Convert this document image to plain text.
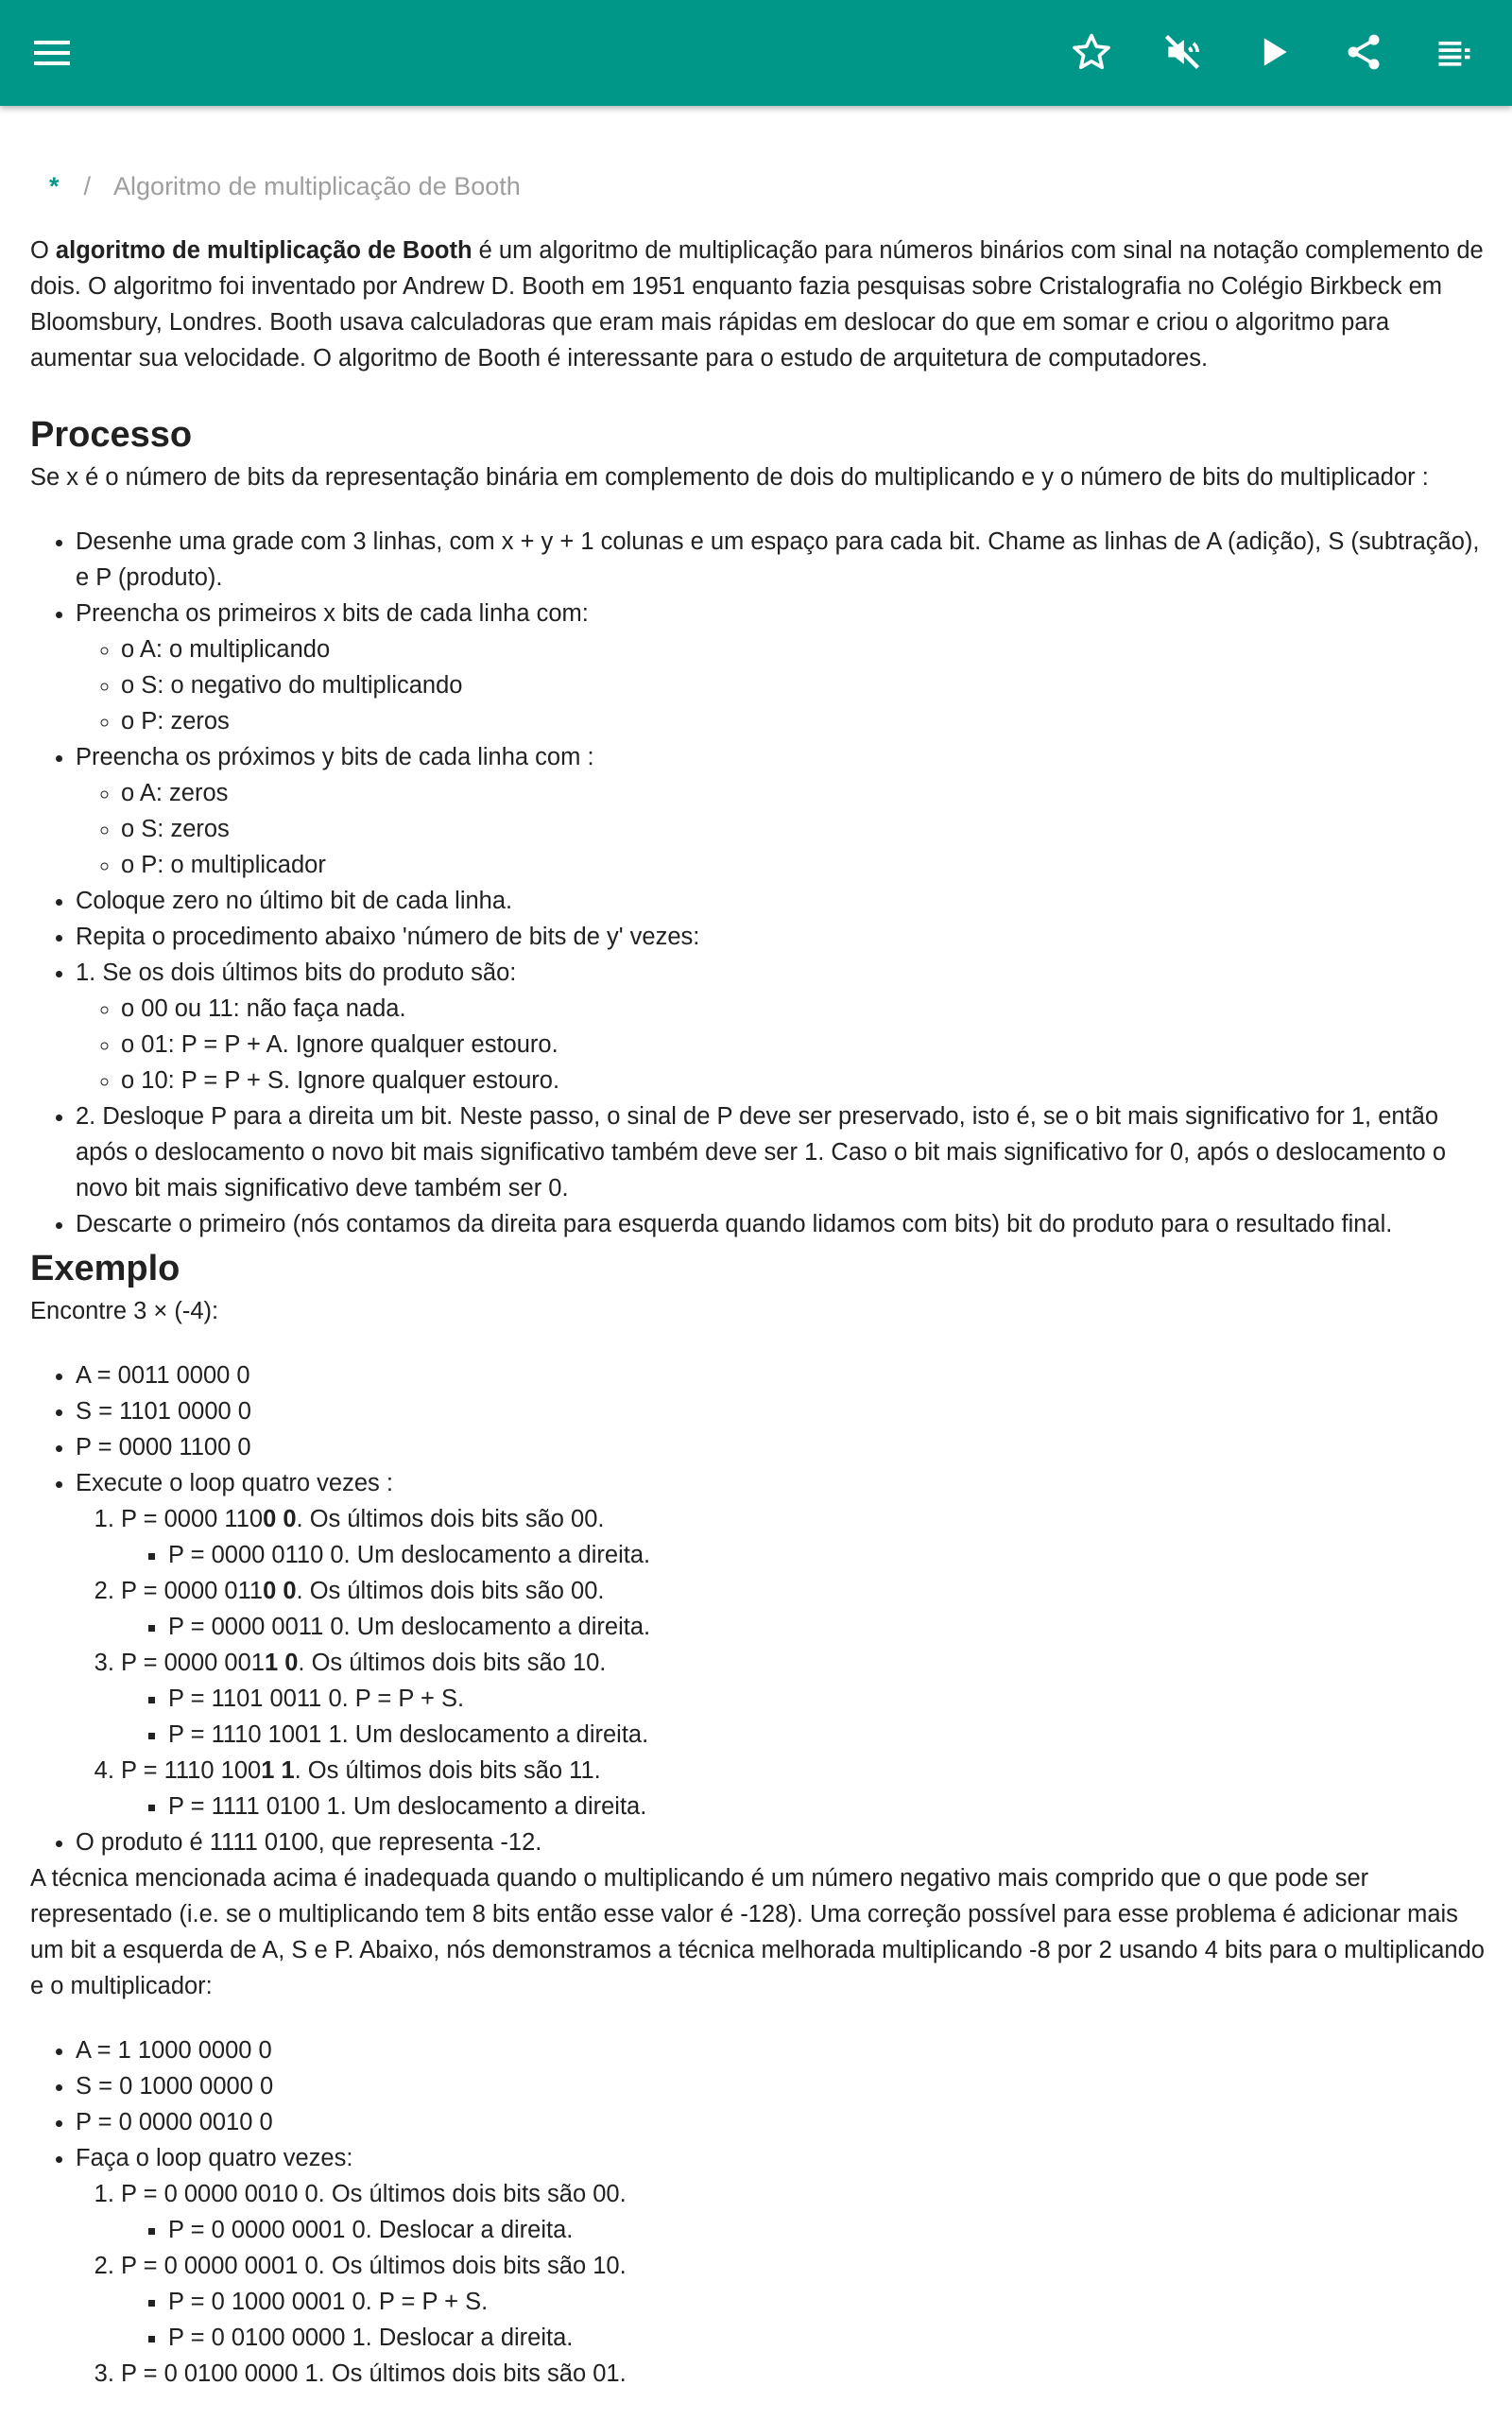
* / Algoritmo de multiplicação de Booth

O algoritmo de multiplicação de Booth é um algoritmo de multiplicação para números binários com sinal na notação complemento de dois. O algoritmo foi inventado por Andrew D. Booth em 1951 enquanto fazia pesquisas sobre Cristalografia no Colégio Birkbeck em Bloomsbury, Londres. Booth usava calculadoras que eram mais rápidas em deslocar do que em somar e criou o algoritmo para aumentar sua velocidade. O algoritmo de Booth é interessante para o estudo de arquitetura de computadores.

Processo

Se x é o número de bits da representação binária em complemento de dois do multiplicando e y o número de bits do multiplicador :

• Desenhe uma grade com 3 linhas, com x + y + 1 colunas e um espaço para cada bit. Chame as linhas de A (adição), S (subtração), e P (produto).
• Preencha os primeiros x bits de cada linha com:
◦ o A: o multiplicando
◦ o S: o negativo do multiplicando
◦ o P: zeros
• Preencha os próximos y bits de cada linha com :
◦ o A: zeros
◦ o S: zeros
◦ o P: o multiplicador
• Coloque zero no último bit de cada linha.
• Repita o procedimento abaixo 'número de bits de y' vezes:
• 1. Se os dois últimos bits do produto são:
◦ o 00 ou 11: não faça nada.
◦ o 01: P = P + A. Ignore qualquer estouro.
◦ o 10: P = P + S. Ignore qualquer estouro.
• 2. Desloque P para a direita um bit. Neste passo, o sinal de P deve ser preservado, isto é, se o bit mais significativo for 1, então após o deslocamento o novo bit mais significativo também deve ser 1. Caso o bit mais significativo for 0, após o deslocamento o novo bit mais significativo deve também ser 0.
• Descarte o primeiro (nós contamos da direita para esquerda quando lidamos com bits) bit do produto para o resultado final.
Exemplo

Encontre 3 × (-4):

• A = 0011 0000 0
• S = 1101 0000 0
• P = 0000 1100 0
• Execute o loop quatro vezes :
1. P = 0000 1100 0. Os últimos dois bits são 00.
▪ P = 0000 0110 0. Um deslocamento a direita.
2. P = 0000 0110 0. Os últimos dois bits são 00.
▪ P = 0000 0011 0. Um deslocamento a direita.
3. P = 0000 0011 0. Os últimos dois bits são 10.
▪ P = 1101 0011 0. P = P + S.
▪ P = 1110 1001 1. Um deslocamento a direita.
4. P = 1110 1001 1. Os últimos dois bits são 11.
▪ P = 1111 0100 1. Um deslocamento a direita.
• O produto é 1111 0100, que representa -12.

A técnica mencionada acima é inadequada quando o multiplicando é um número negativo mais comprido que o que pode ser representado (i.e. se o multiplicando tem 8 bits então esse valor é -128). Uma correção possível para esse problema é adicionar mais um bit a esquerda de A, S e P. Abaixo, nós demonstramos a técnica melhorada multiplicando -8 por 2 usando 4 bits para o multiplicando e o multiplicador:

• A = 1 1000 0000 0
• S = 0 1000 0000 0
• P = 0 0000 0010 0
• Faça o loop quatro vezes:
1. P = 0 0000 0010 0. Os últimos dois bits são 00.
▪ P = 0 0000 0001 0. Deslocar a direita.
2. P = 0 0000 0001 0. Os últimos dois bits são 10.
▪ P = 0 1000 0001 0. P = P + S.
▪ P = 0 0100 0000 1. Deslocar a direita.
3. P = 0 0100 0000 1. Os últimos dois bits são 01.
